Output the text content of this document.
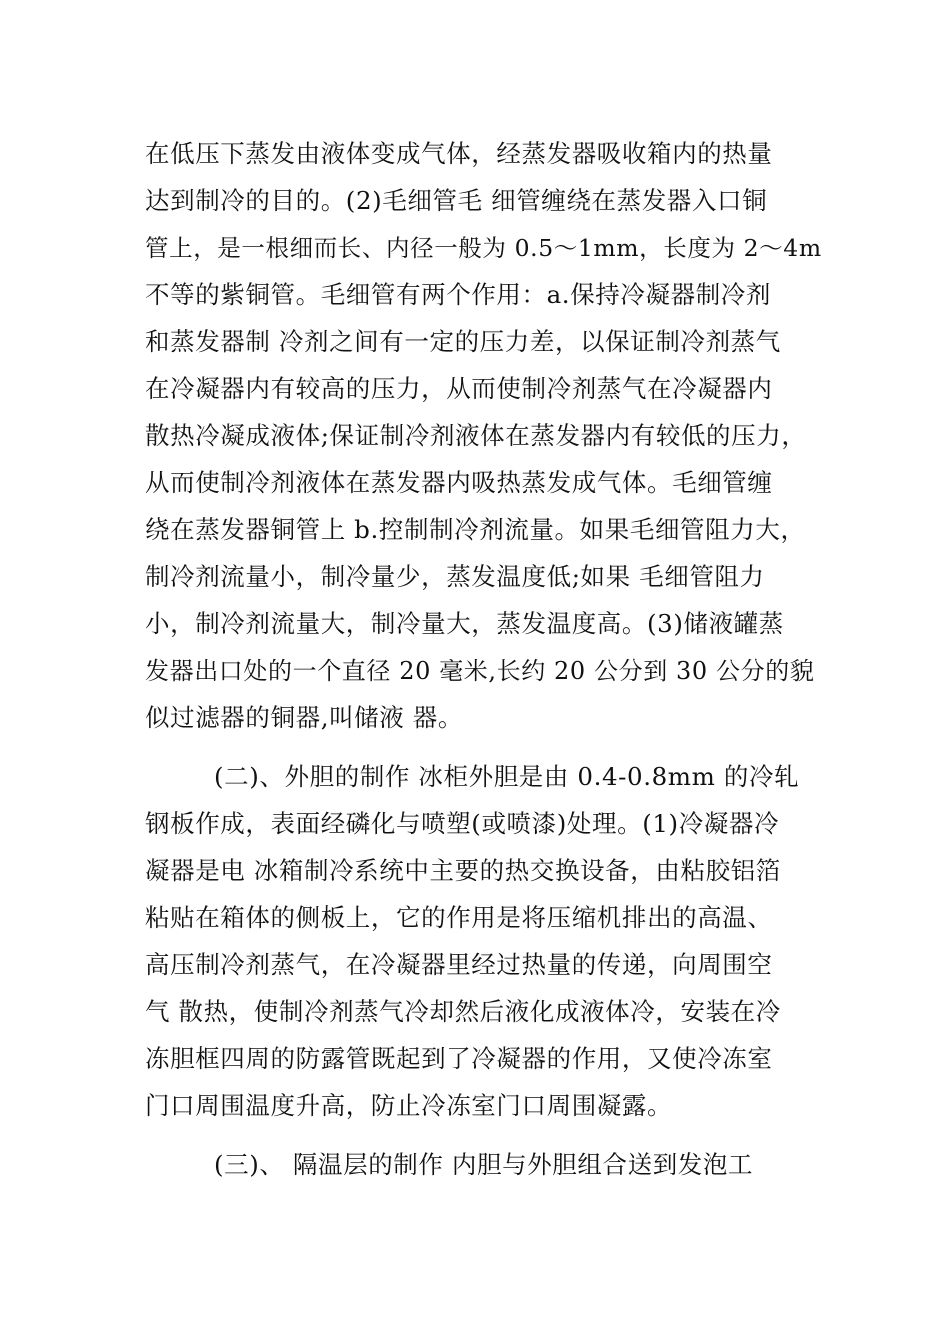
在低压下蒸发由液体变成气体，经蒸发器吸收箱内的热量
达到制冷的目的。(2)毛细管毛 细管缠绕在蒸发器入口铜
管上，是一根细而长、内径一般为 0.5～1mm，长度为 2～4m
不等的紫铜管。毛细管有两个作用：a.保持冷凝器制冷剂
和蒸发器制 冷剂之间有一定的压力差，以保证制冷剂蒸气
在冷凝器内有较高的压力，从而使制冷剂蒸气在冷凝器内
散热冷凝成液体;保证制冷剂液体在蒸发器内有较低的压力，
从而使制冷剂液体在蒸发器内吸热蒸发成气体。毛细管缠
绕在蒸发器铜管上 b.控制制冷剂流量。如果毛细管阻力大，
制冷剂流量小，制冷量少，蒸发温度低;如果 毛细管阻力
小，制冷剂流量大，制冷量大，蒸发温度高。(3)储液罐蒸
发器出口处的一个直径 20 毫米,长约 20 公分到 30 公分的貌
似过滤器的铜器,叫储液 器。
(二)、外胆的制作 冰柜外胆是由 0.4-0.8mm 的冷轧
钢板作成，表面经磷化与喷塑(或喷漆)处理。(1)冷凝器冷
凝器是电 冰箱制冷系统中主要的热交换设备，由粘胶铝箔
粘贴在箱体的侧板上，它的作用是将压缩机排出的高温、
高压制冷剂蒸气，在冷凝器里经过热量的传递，向周围空
气 散热，使制冷剂蒸气冷却然后液化成液体冷，安装在冷
冻胆框四周的防露管既起到了冷凝器的作用，又使冷冻室
门口周围温度升高，防止冷冻室门口周围凝露。
(三)、 隔温层的制作 内胆与外胆组合送到发泡工
